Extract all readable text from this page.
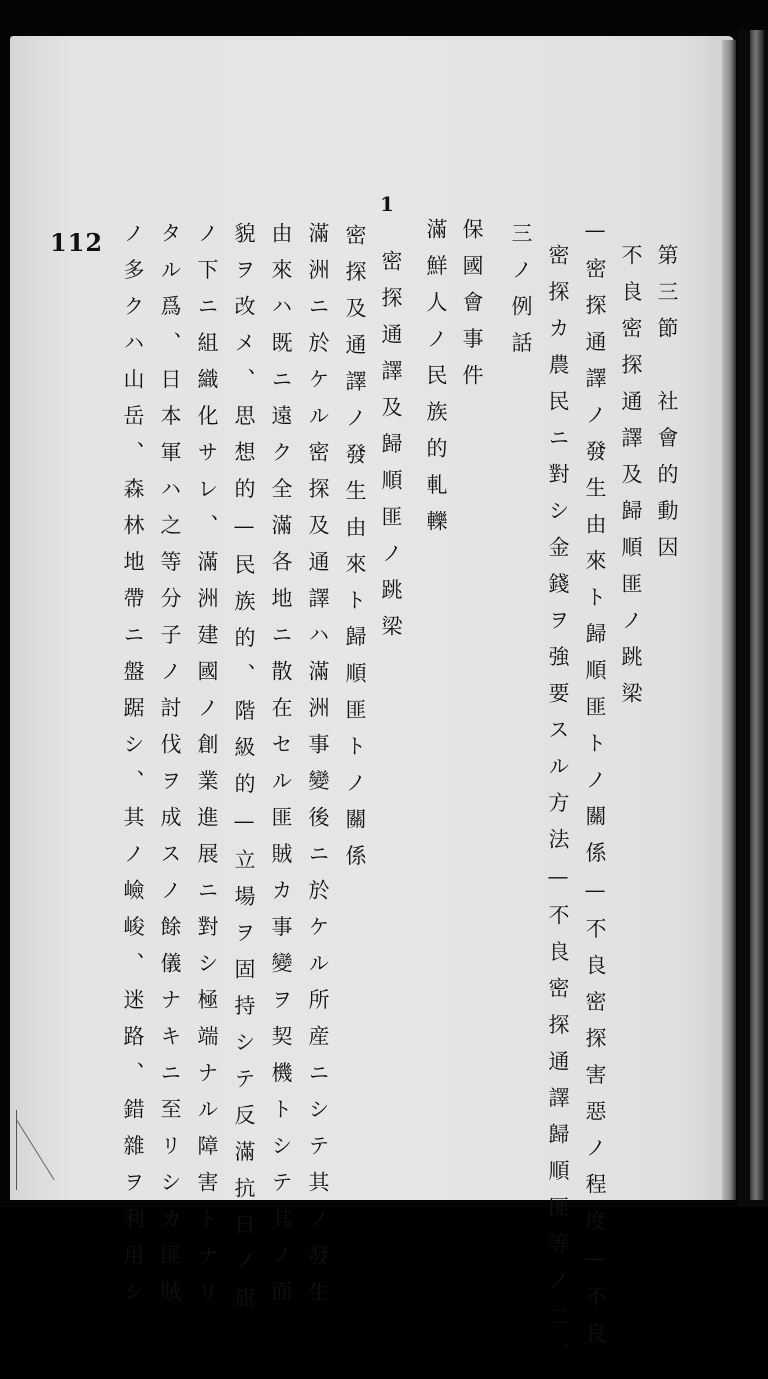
112
第三節　社會的動因
不良密探通譯及歸順匪ノ跳梁
—密探通譯ノ發生由來ト歸順匪トノ關係—不良密探害惡ノ程度—不良
密探カ農民ニ對シ金錢ヲ強要スル方法—不良密探通譯歸順匪等ノ二、
三ノ例話
保國會事件
滿鮮人ノ民族的軋轢
1
密探通譯及歸順匪ノ跳梁
密探及通譯ノ發生由來ト歸順匪トノ關係
滿洲ニ於ケル密探及通譯ハ滿洲事變後ニ於ケル所産ニシテ其ノ發生
由來ハ既ニ遠ク全滿各地ニ散在セル匪賊カ事變ヲ契機トシテ其ノ面
貌ヲ改メ、思想的—民族的、階級的—立場ヲ固持シテ反滿抗日ノ旗
ノ下ニ組織化サレ、滿洲建國ノ創業進展ニ對シ極端ナル障害トナリ
タル爲、日本軍ハ之等分子ノ討伐ヲ成スノ餘儀ナキニ至リシカ匪賊
ノ多クハ山岳、森林地帶ニ盤踞シ、其ノ嶮峻、迷路、錯雜ヲ利用シ
